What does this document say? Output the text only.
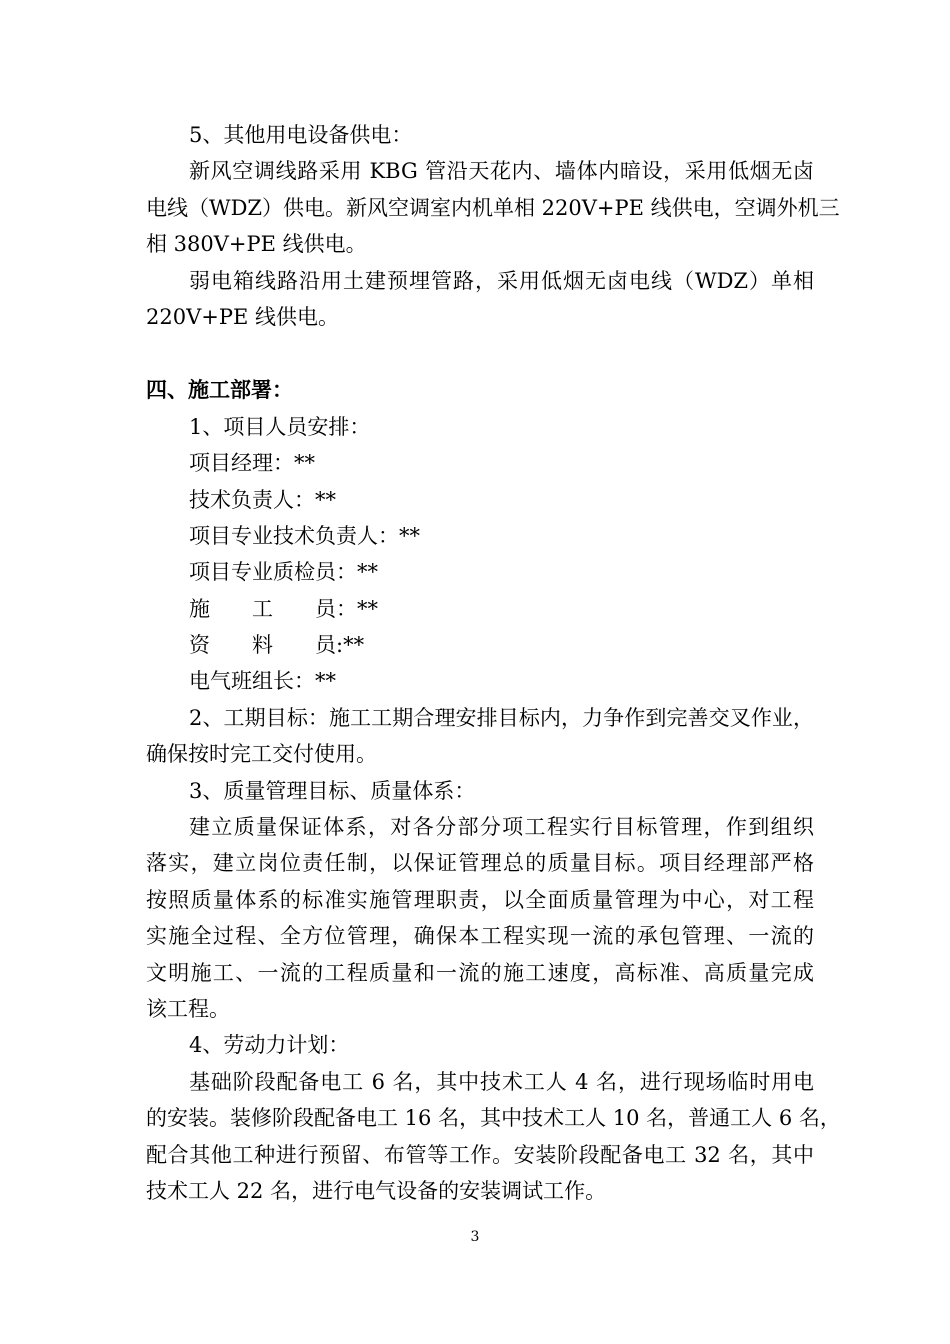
5、其他用电设备供电：
新风空调线路采用 KBG 管沿天花内、墙体内暗设，采用低烟无卤
电线（WDZ）供电。新风空调室内机单相 220V+PE 线供电，空调外机三
相 380V+PE 线供电。
弱电箱线路沿用土建预埋管路，采用低烟无卤电线（WDZ）单相
220V+PE 线供电。
四、施工部署：
1、项目人员安排：
项目经理：**
技术负责人：**
项目专业技术负责人：**
项目专业质检员：**
施　　工　　员：**
资　　料　　员:**
电气班组长：**
2、工期目标：施工工期合理安排目标内，力争作到完善交叉作业，
确保按时完工交付使用。
3、质量管理目标、质量体系：
建立质量保证体系，对各分部分项工程实行目标管理，作到组织
落实，建立岗位责任制，以保证管理总的质量目标。项目经理部严格
按照质量体系的标准实施管理职责，以全面质量管理为中心，对工程
实施全过程、全方位管理，确保本工程实现一流的承包管理、一流的
文明施工、一流的工程质量和一流的施工速度，高标准、高质量完成
该工程。
4、劳动力计划：
基础阶段配备电工 6 名，其中技术工人 4 名，进行现场临时用电
的安装。装修阶段配备电工 16 名，其中技术工人 10 名，普通工人 6 名，
配合其他工种进行预留、布管等工作。安装阶段配备电工 32 名，其中
技术工人 22 名，进行电气设备的安装调试工作。
3
